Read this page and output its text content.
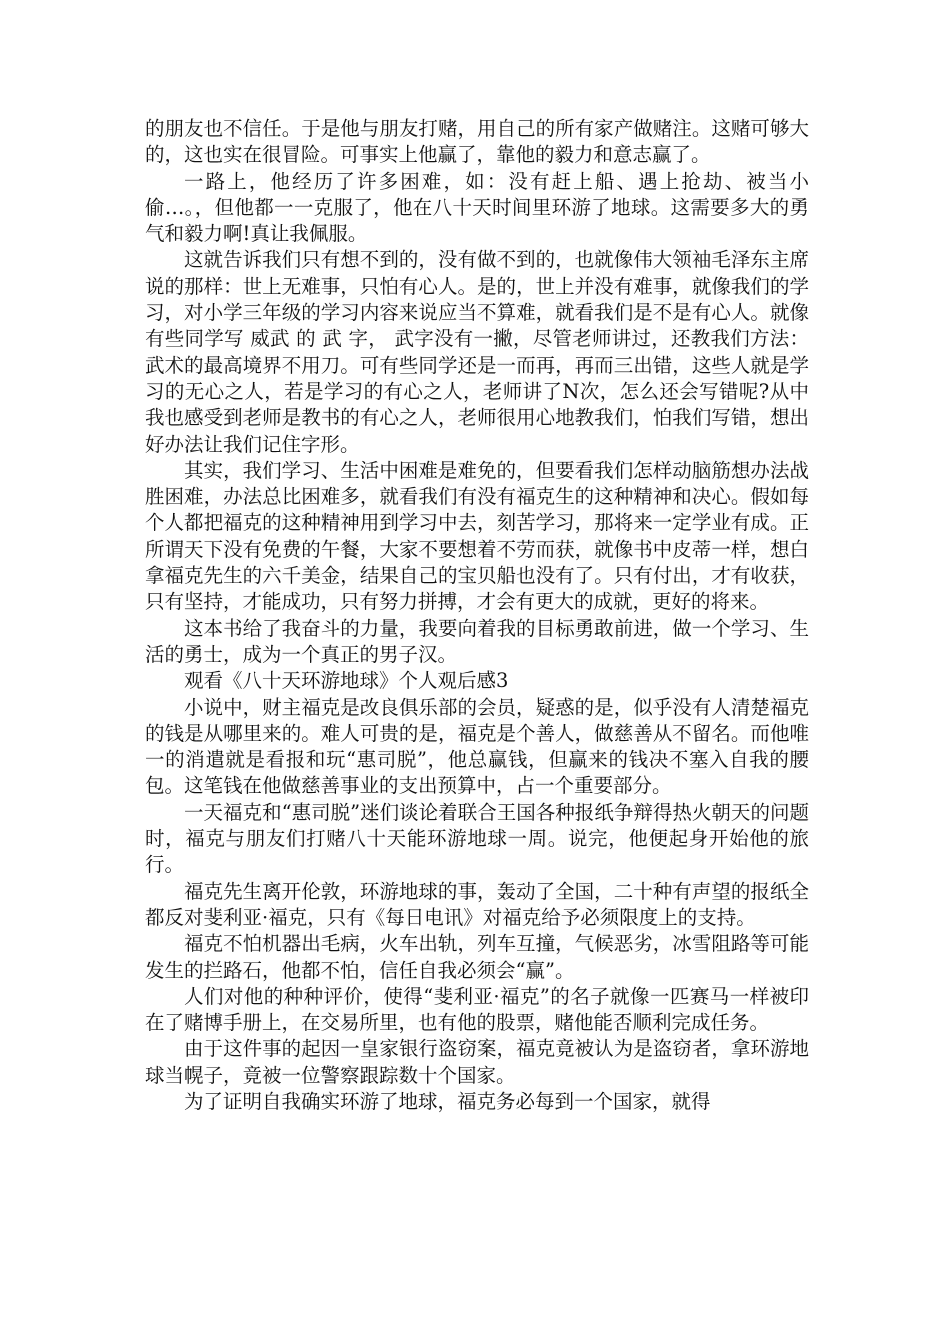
的朋友也不信任。于是他与朋友打赌，用自己的所有家产做赌注。这赌可够大的，这也实在很冒险。可事实上他赢了，靠他的毅力和意志赢了。

一路上，他经历了许多困难，如：没有赶上船、遇上抢劫、被当小偷…。，但他都一一克服了，他在八十天时间里环游了地球。这需要多大的勇气和毅力啊!真让我佩服。

这就告诉我们只有想不到的，没有做不到的，也就像伟大领袖毛泽东主席说的那样：世上无难事，只怕有心人。是的，世上并没有难事，就像我们的学习，对小学三年级的学习内容来说应当不算难，就看我们是不是有心人。就像有些同学写 威武 的 武 字， 武字没有一撇，尽管老师讲过，还教我们方法：武术的最高境界不用刀。可有些同学还是一而再，再而三出错，这些人就是学习的无心之人，若是学习的有心之人，老师讲了N次，怎么还会写错呢?从中我也感受到老师是教书的有心之人，老师很用心地教我们，怕我们写错，想出好办法让我们记住字形。

其实，我们学习、生活中困难是难免的，但要看我们怎样动脑筋想办法战胜困难，办法总比困难多，就看我们有没有福克生的这种精神和决心。假如每个人都把福克的这种精神用到学习中去，刻苦学习，那将来一定学业有成。正所谓天下没有免费的午餐，大家不要想着不劳而获，就像书中皮蒂一样，想白拿福克先生的六千美金，结果自己的宝贝船也没有了。只有付出，才有收获，只有坚持，才能成功，只有努力拼搏，才会有更大的成就，更好的将来。

这本书给了我奋斗的力量，我要向着我的目标勇敢前进，做一个学习、生活的勇士，成为一个真正的男子汉。

观看《八十天环游地球》个人观后感3

小说中，财主福克是改良俱乐部的会员，疑惑的是，似乎没有人清楚福克的钱是从哪里来的。难人可贵的是，福克是个善人，做慈善从不留名。而他唯一的消遣就是看报和玩“惠司脱”，他总赢钱，但赢来的钱决不塞入自我的腰包。这笔钱在他做慈善事业的支出预算中，占一个重要部分。

一天福克和“惠司脱”迷们谈论着联合王国各种报纸争辩得热火朝天的问题时，福克与朋友们打赌八十天能环游地球一周。说完，他便起身开始他的旅行。

福克先生离开伦敦，环游地球的事，轰动了全国，二十种有声望的报纸全都反对斐利亚·福克，只有《每日电讯》对福克给予必须限度上的支持。

福克不怕机器出毛病，火车出轨，列车互撞，气候恶劣，冰雪阻路等可能发生的拦路石，他都不怕，信任自我必须会“赢”。

人们对他的种种评价，使得“斐利亚·福克”的名子就像一匹赛马一样被印在了赌博手册上，在交易所里，也有他的股票，赌他能否顺利完成任务。

由于这件事的起因一皇家银行盗窃案，福克竟被认为是盗窃者，拿环游地球当幌子，竟被一位警察跟踪数十个国家。

为了证明自我确实环游了地球，福克务必每到一个国家，就得
